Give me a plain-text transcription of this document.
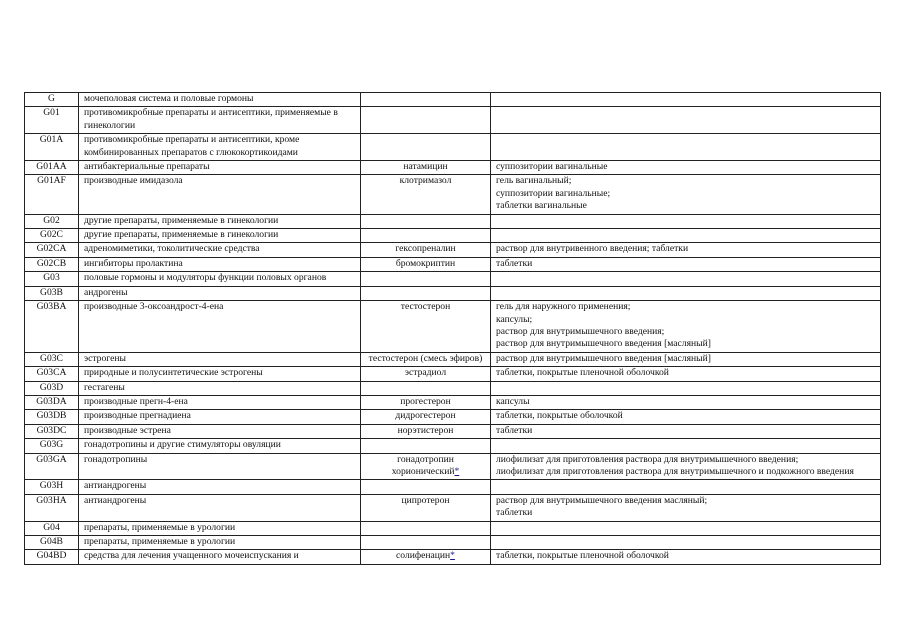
G	мочеполовая система и половые гормоны		
G01	противомикробные препараты и антисептики, применяемые в гинекологии		
G01A	противомикробные препараты и антисептики, кроме комбинированных препаратов с глюкокортикоидами		
G01AA	антибактериальные препараты	натамицин	суппозитории вагинальные
G01AF	производные имидазола	клотримазол	гель вагинальный;
суппозитории вагинальные;
таблетки вагинальные
G02	другие препараты, применяемые в гинекологии		
G02C	другие препараты, применяемые в гинекологии		
G02CA	адреномиметики, токолитические средства	гексопреналин	раствор для внутривенного введения; таблетки
G02CB	ингибиторы пролактина	бромокриптин	таблетки
G03	половые гормоны и модуляторы функции половых органов		
G03B	андрогены		
G03BA	производные 3-оксоандрост-4-ена	тестостерон	гель для наружного применения;
капсулы;
раствор для внутримышечного введения;
раствор для внутримышечного введения [масляный]
G03C	эстрогены	тестостерон (смесь эфиров)	раствор для внутримышечного введения [масляный]
G03CA	природные и полусинтетические эстрогены	эстрадиол	таблетки, покрытые пленочной оболочкой
G03D	гестагены		
G03DA	производные прегн-4-ена	прогестерон	капсулы
G03DB	производные прегнадиена	дидрогестерон	таблетки, покрытые оболочкой
G03DC	производные эстрена	норэтистерон	таблетки
G03G	гонадотропины и другие стимуляторы овуляции		
G03GA	гонадотропины	гонадотропин хорионический*	лиофилизат для приготовления раствора для внутримышечного введения;
лиофилизат для приготовления раствора для внутримышечного и подкожного введения
G03H	антиандрогены		
G03HA	антиандрогены	ципротерон	раствор для внутримышечного введения масляный;
таблетки
G04	препараты, применяемые в урологии		
G04B	препараты, применяемые в урологии		
G04BD	средства для лечения учащенного мочеиспускания и	солифенацин*	таблетки, покрытые пленочной оболочкой
